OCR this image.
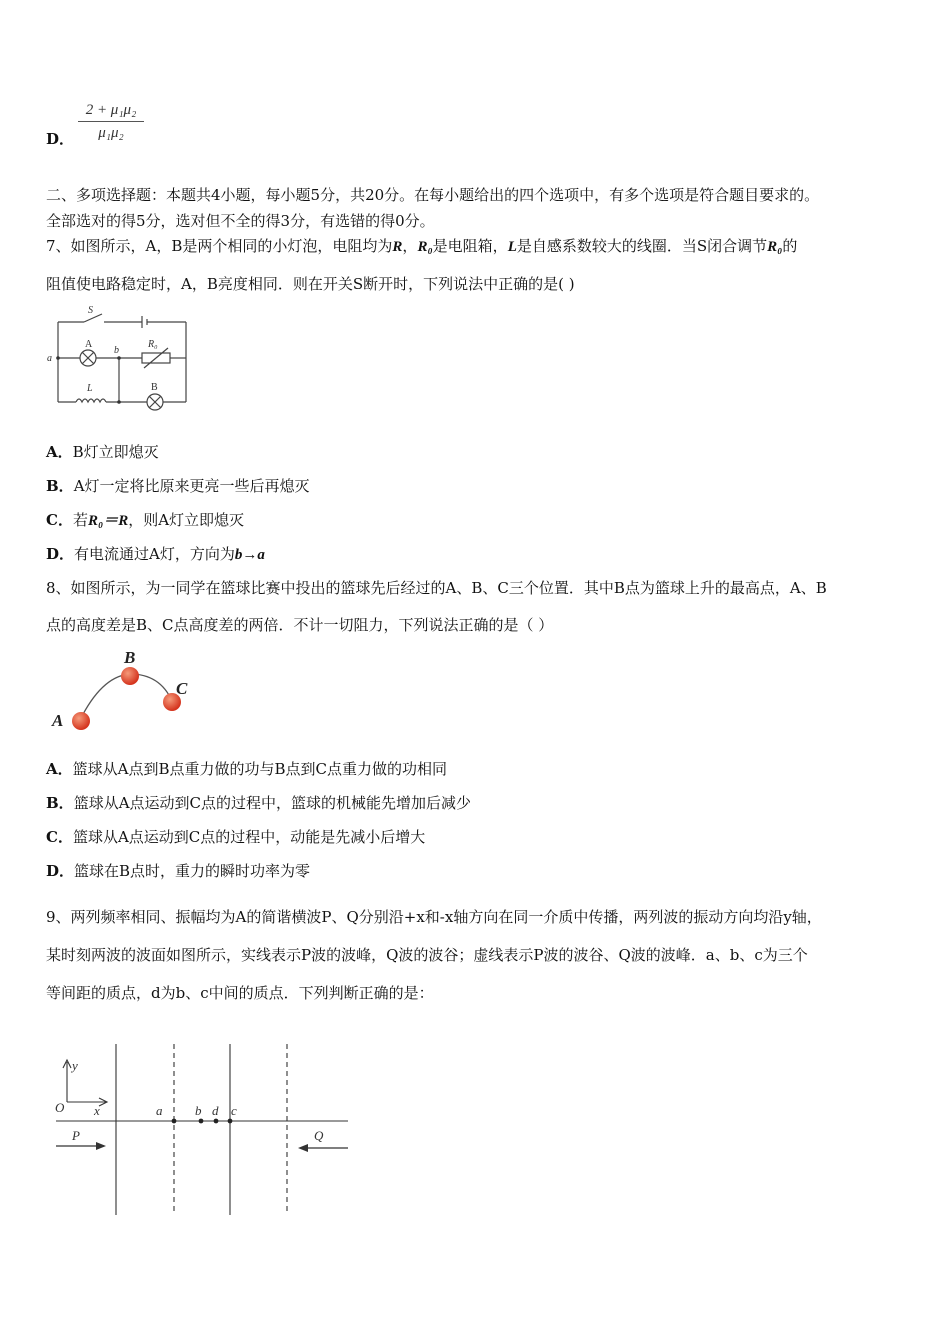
D．
2 + μ₁μ₂
μ₁μ₂
二、多项选择题：本题共4小题，每小题5分，共20分。在每小题给出的四个选项中，有多个选项是符合题目要求的。
全部选对的得5分，选对但不全的得3分，有选错的得0分。
7、如图所示，A，B是两个相同的小灯泡，电阻均为R，R₀是电阻箱，L是自感系数较大的线圈．当S闭合调节R₀的
阻值使电路稳定时，A，B亮度相同．则在开关S断开时，下列说法中正确的是( )
S
a
b
A
B
R₀
L
A．B灯立即熄灭
B．A灯一定将比原来更亮一些后再熄灭
C．若R₀＝R，则A灯立即熄灭
D．有电流通过A灯，方向为b→a
8、如图所示，为一同学在篮球比赛中投出的篮球先后经过的A、B、C三个位置．其中B点为篮球上升的最高点，A、B
点的高度差是B、C点高度差的两倍．不计一切阻力，下列说法正确的是（ ）
A
B
C
A．篮球从A点到B点重力做的功与B点到C点重力做的功相同
B．篮球从A点运动到C点的过程中，篮球的机械能先增加后减少
C．篮球从A点运动到C点的过程中，动能是先减小后增大
D．篮球在B点时，重力的瞬时功率为零
9、两列频率相同、振幅均为A的简谐横波P、Q分别沿+x和-x轴方向在同一介质中传播，两列波的振动方向均沿y轴，
某时刻两波的波面如图所示，实线表示P波的波峰，Q波的波谷；虚线表示P波的波谷、Q波的波峰．a、b、c为三个
等间距的质点，d为b、c中间的质点．下列判断正确的是：
y
x
O
P	Q
a	b d c
